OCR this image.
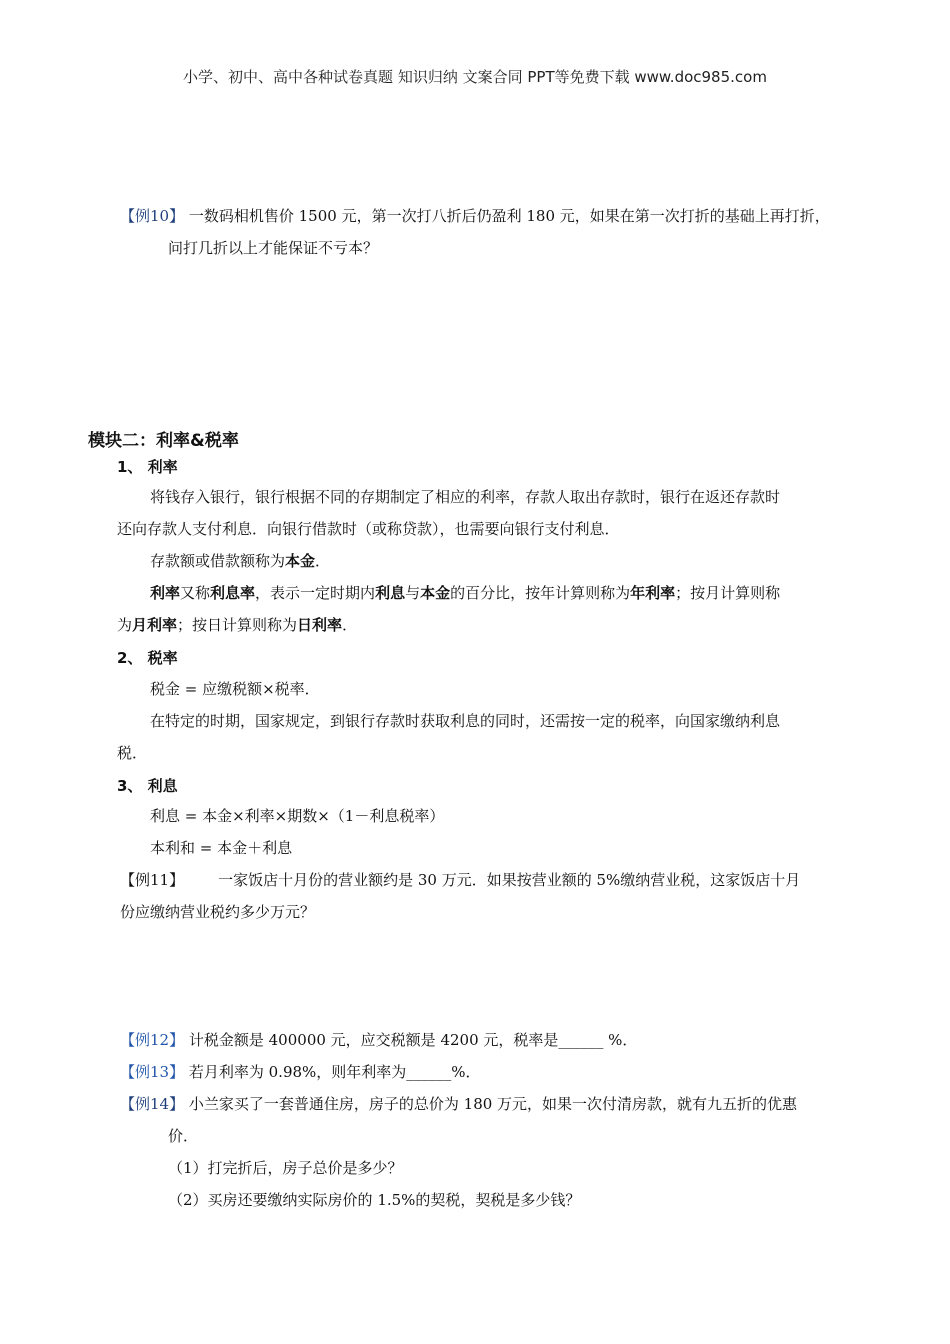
小学、初中、高中各种试卷真题 知识归纳 文案合同 PPT等免费下载 www.doc985.com
【例10】 一数码相机售价 1500 元，第一次打八折后仍盈利 180 元，如果在第一次打折的基础上再打折，
问打几折以上才能保证不亏本？
模块二：利率&税率
1、 利率
将钱存入银行，银行根据不同的存期制定了相应的利率，存款人取出存款时，银行在返还存款时
还向存款人支付利息．向银行借款时（或称贷款），也需要向银行支付利息．
存款额或借款额称为本金．
利率又称利息率，表示一定时期内利息与本金的百分比，按年计算则称为年利率；按月计算则称
为月利率；按日计算则称为日利率．
2、 税率
税金 = 应缴税额×税率．
在特定的时期，国家规定，到银行存款时获取利息的同时，还需按一定的税率，向国家缴纳利息
税．
3、 利息
利息 = 本金×利率×期数×（1－利息税率）
本利和 = 本金＋利息
【例11】 一家饭店十月份的营业额约是 30 万元．如果按营业额的 5%缴纳营业税，这家饭店十月
份应缴纳营业税约多少万元？
【例12】 计税金额是 400000 元，应交税额是 4200 元，税率是______ %．
【例13】 若月利率为 0.98%，则年利率为______%．
【例14】 小兰家买了一套普通住房，房子的总价为 180 万元，如果一次付清房款，就有九五折的优惠
价．
（1）打完折后，房子总价是多少？
（2）买房还要缴纳实际房价的 1.5%的契税，契税是多少钱？
